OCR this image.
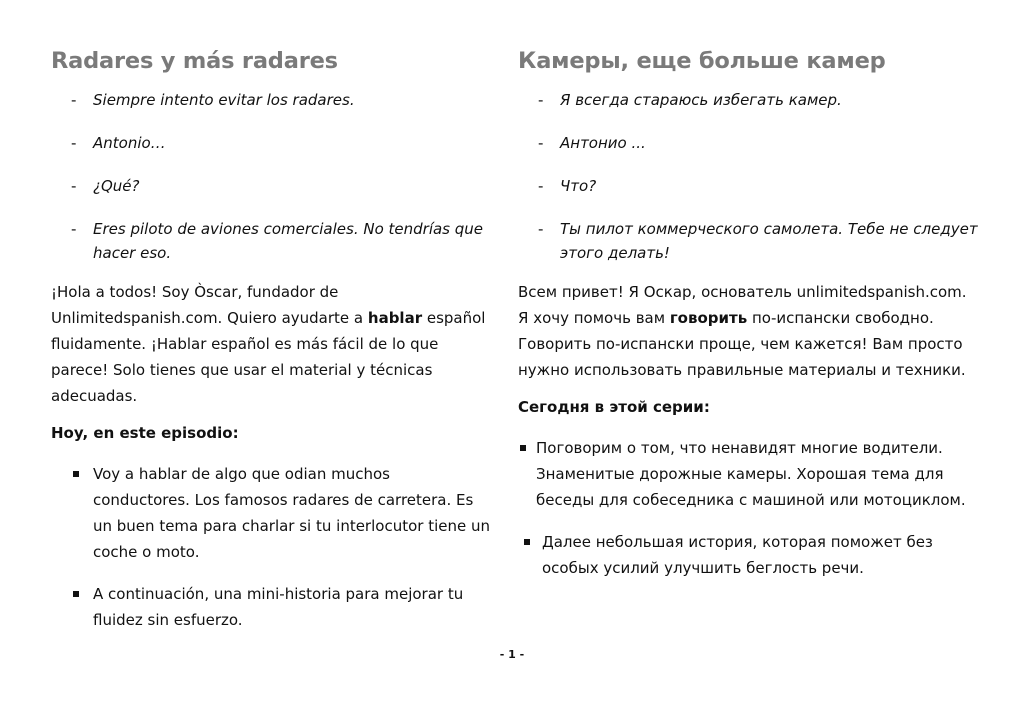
Radares y más radares
- Siempre intento evitar los radares.
- Antonio…
- ¿Qué?
- Eres piloto de aviones comerciales. No tendrías que hacer eso.

¡Hola a todos! Soy Òscar, fundador de Unlimitedspanish.com. Quiero ayudarte a hablar español fluidamente. ¡Hablar español es más fácil de lo que parece! Solo tienes que usar el material y técnicas adecuadas.

Hoy, en este episodio:

Voy a hablar de algo que odian muchos conductores. Los famosos radares de carretera. Es un buen tema para charlar si tu interlocutor tiene un coche o moto.
A continuación, una mini-historia para mejorar tu fluidez sin esfuerzo.
Камеры, еще больше камер
- Я всегда стараюсь избегать камер.
- Антонио ...
- Что?
- Ты пилот коммерческого самолета. Тебе не следует этого делать!

Всем привет! Я Оскар, основатель unlimitedspanish.com. Я хочу помочь вам говорить по-испански свободно. Говорить по-испански проще, чем кажется! Вам просто нужно использовать правильные материалы и техники.

Сегодня в этой серии:

Поговорим о том, что ненавидят многие водители. Знаменитые дорожные камеры. Хорошая тема для беседы для собеседника с машиной или мотоциклом.
Далее небольшая история, которая поможет без особых усилий улучшить беглость речи.
- 1 -
